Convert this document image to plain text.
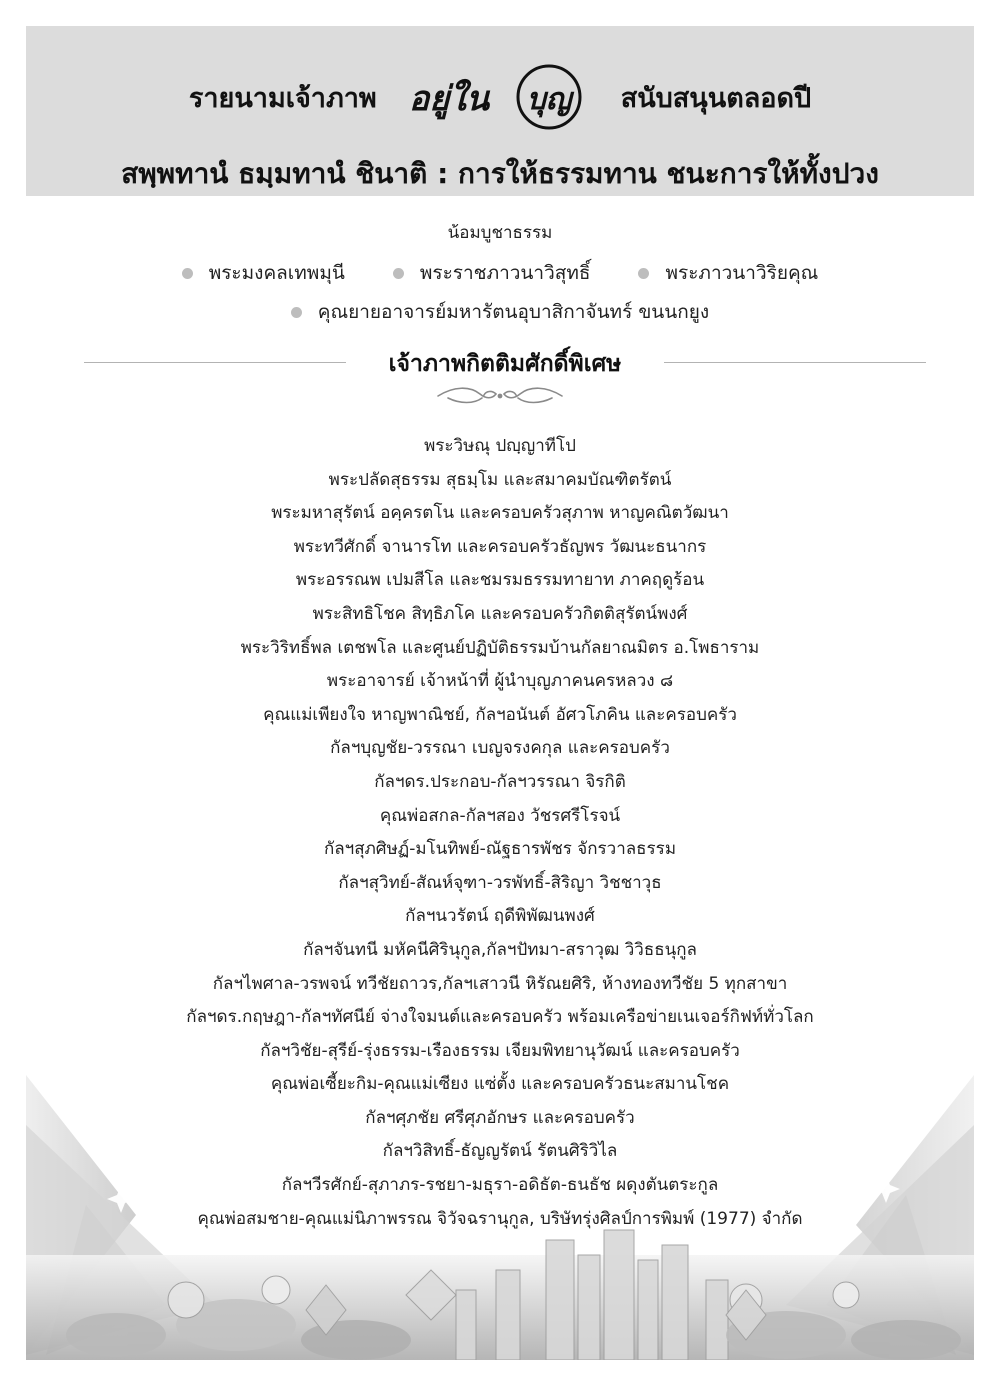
รายนามเจ้าภาพ อยู่ใน บุญ สนับสนุนตลอดปี
สพฺพทานํ ธมฺมทานํ ชินาติ : การให้ธรรมทาน ชนะการให้ทั้งปวง
น้อมบูชาธรรม
พระมงคลเทพมุนี	พระราชภาวนาวิสุทธิ์	พระภาวนาวิริยคุณ
คุณยายอาจารย์มหารัตนอุบาสิกาจันทร์ ขนนกยูง
เจ้าภาพกิตติมศักดิ์พิเศษ
พระวิษณุ ปญฺญาทีโป
พระปลัดสุธรรม สุธมฺโม และสมาคมบัณฑิตรัตน์
พระมหาสุรัตน์ อคฺครตโน และครอบครัวสุภาพ หาญคณิตวัฒนา
พระทวีศักดิ์ จานารโท และครอบครัวธัญพร วัฒนะธนากร
พระอรรณพ เปมสีโล และชมรมธรรมทายาท ภาคฤดูร้อน
พระสิทธิโชค สิทฺธิภโค และครอบครัวกิตติสุรัตน์พงศ์
พระวิริทธิ์พล เตชพโล และศูนย์ปฏิบัติธรรมบ้านกัลยาณมิตร อ.โพธาราม
พระอาจารย์ เจ้าหน้าที่ ผู้นำบุญภาคนครหลวง ๘
คุณแม่เพียงใจ หาญพาณิชย์, กัลฯอนันต์ อัศวโภคิน และครอบครัว
กัลฯบุญชัย-วรรณา เบญจรงคกุล และครอบครัว
กัลฯดร.ประกอบ-กัลฯวรรณา จิรกิติ
คุณพ่อสกล-กัลฯสอง วัชรศรีโรจน์
กัลฯสุภศิษฏ์-มโนทิพย์-ณัฐธารพัชร จักรวาลธรรม
กัลฯสุวิทย์-สัณห์จุฑา-วรพัทธิ์-สิริญา วิชชาวุธ
กัลฯนวรัตน์ ฤดีพิพัฒนพงศ์
กัลฯจันทนี มหัคนีศิรินุกูล,กัลฯปัทมา-สราวุฒ วิวิธธนุกูล
กัลฯไพศาล-วรพจน์ ทวีชัยถาวร,กัลฯเสาวนี หิรัณยศิริ, ห้างทองทวีชัย 5 ทุกสาขา
กัลฯดร.กฤษฎา-กัลฯทัศนีย์ จ่างใจมนต์และครอบครัว พร้อมเครือข่ายเนเจอร์กิฟท์ทั่วโลก
กัลฯวิชัย-สุรีย์-รุ่งธรรม-เรืองธรรม เจียมพิทยานุวัฒน์ และครอบครัว
คุณพ่อเซี้ยะกิม-คุณแม่เซียง แซ่ตั้ง และครอบครัวธนะสมานโชค
กัลฯศุภชัย ศรีศุภอักษร และครอบครัว
กัลฯวิสิทธิ์-ธัญญรัตน์ รัตนศิริวิไล
กัลฯวีรศักย์-สุภาภร-รชยา-มธุรา-อดิธัต-ธนธัช ผดุงตันตระกูล
คุณพ่อสมชาย-คุณแม่นิภาพรรณ จิวัจฉรานุกูล, บริษัทรุ่งศิลป์การพิมพ์ (1977) จำกัด
